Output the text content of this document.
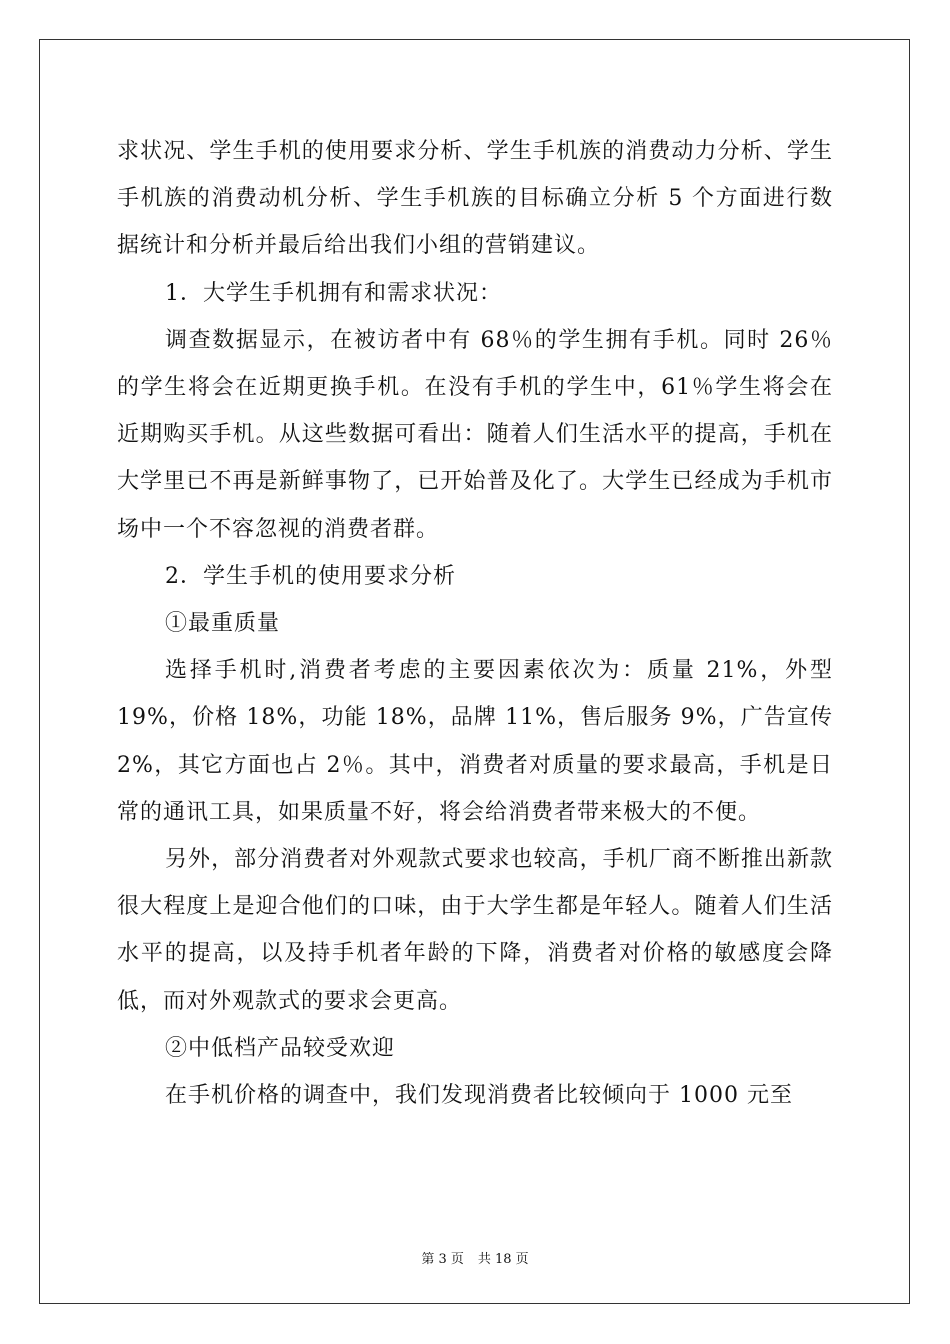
求状况、学生手机的使用要求分析、学生手机族的消费动力分析、学生手机族的消费动机分析、学生手机族的目标确立分析 5 个方面进行数据统计和分析并最后给出我们小组的营销建议。

1．大学生手机拥有和需求状况：

调查数据显示，在被访者中有 68％的学生拥有手机。同时 26％的学生将会在近期更换手机。在没有手机的学生中，61％学生将会在近期购买手机。从这些数据可看出：随着人们生活水平的提高，手机在大学里已不再是新鲜事物了，已开始普及化了。大学生已经成为手机市场中一个不容忽视的消费者群。

2．学生手机的使用要求分析

①最重质量

选择手机时,消费者考虑的主要因素依次为：质量 21%，外型 19%，价格 18%，功能 18%，品牌 11%，售后服务 9%，广告宣传 2%，其它方面也占 2％。其中，消费者对质量的要求最高，手机是日常的通讯工具，如果质量不好，将会给消费者带来极大的不便。

另外，部分消费者对外观款式要求也较高，手机厂商不断推出新款很大程度上是迎合他们的口味，由于大学生都是年轻人。随着人们生活水平的提高，以及持手机者年龄的下降，消费者对价格的敏感度会降低，而对外观款式的要求会更高。

②中低档产品较受欢迎

在手机价格的调查中，我们发现消费者比较倾向于 1000 元至

第 3 页 共 18 页
